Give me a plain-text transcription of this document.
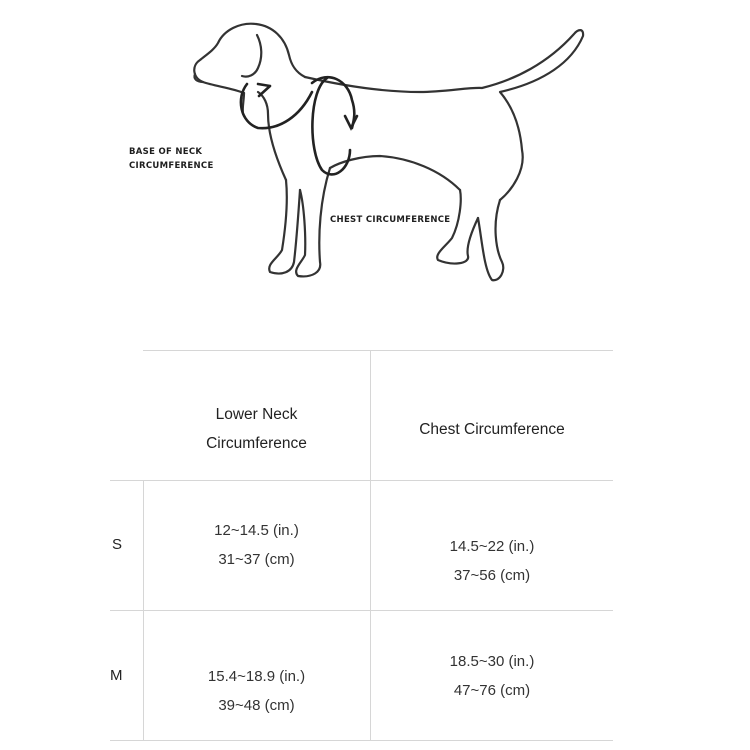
BASE OF NECK
CIRCUMFERENCE
CHEST CIRCUMFERENCE
Lower Neck
Circumference
Chest Circumference
S
12~14.5 (in.)
31~37 (cm)
14.5~22 (in.)
37~56 (cm)
M	15.4~18.9 (in.)
39~48 (cm)
18.5~30 (in.)
47~76 (cm)
